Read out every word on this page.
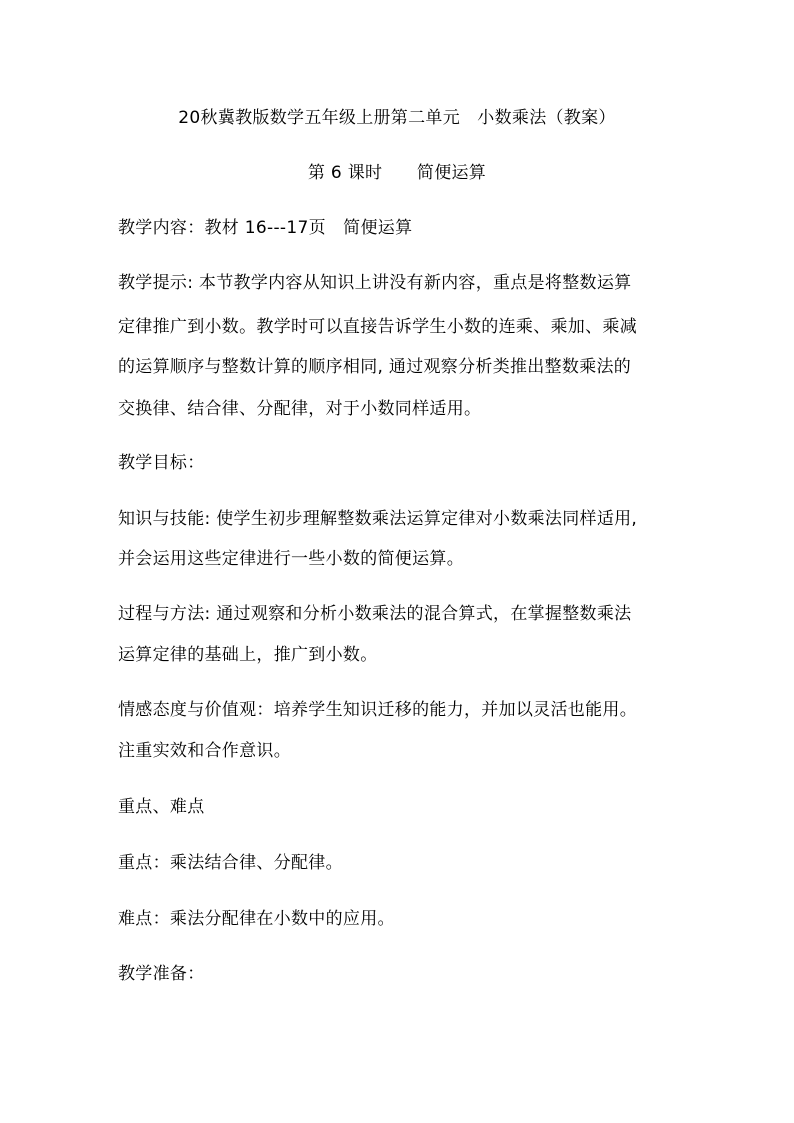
20秋冀教版数学五年级上册第二单元　小数乘法（教案）
第 6 课时　　简便运算
教学内容：教材 16---17页　简便运算
教学提示: 本节教学内容从知识上讲没有新内容，重点是将整数运算
定律推广到小数。教学时可以直接告诉学生小数的连乘、乘加、乘减
的运算顺序与整数计算的顺序相同, 通过观察分析类推出整数乘法的
交换律、结合律、分配律，对于小数同样适用。
教学目标：
知识与技能: 使学生初步理解整数乘法运算定律对小数乘法同样适用,
并会运用这些定律进行一些小数的简便运算。
过程与方法: 通过观察和分析小数乘法的混合算式，在掌握整数乘法
运算定律的基础上，推广到小数。
情感态度与价值观：培养学生知识迁移的能力，并加以灵活也能用。
注重实效和合作意识。
重点、难点
重点：乘法结合律、分配律。
难点：乘法分配律在小数中的应用。
教学准备：
